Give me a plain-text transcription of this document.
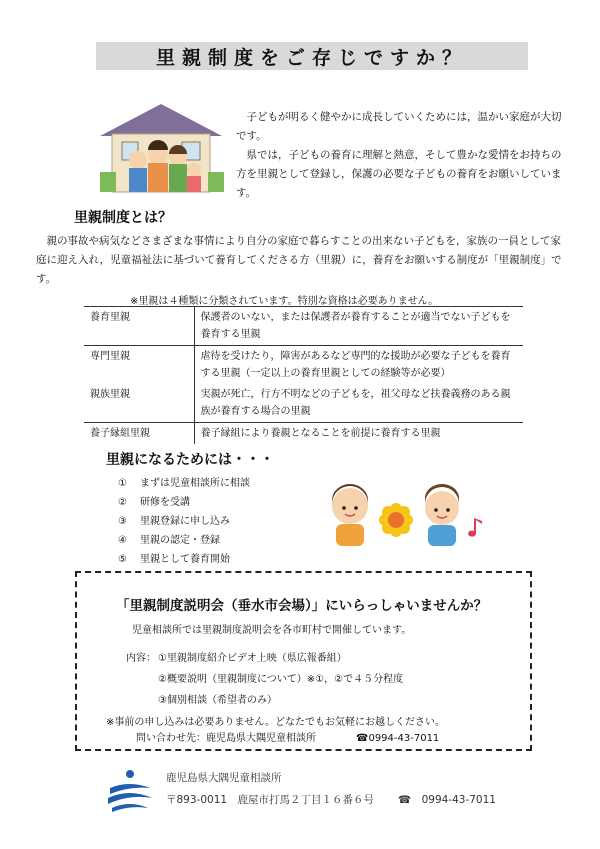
里親制度をご存じですか？

子どもが明るく健やかに成長していくためには，温かい家庭が大切です。

県では，子どもの養育に理解と熱意，そして豊かな愛情をお持ちの方を里親として登録し，保護の必要な子どもの養育をお願いしています。

里親制度とは？
親の事故や病気などさまざまな事情により自分の家庭で暮らすことの出来ない子どもを，家族の一員として家庭に迎え入れ，児童福祉法に基づいて養育してくださる方（里親）に，養育をお願いする制度が「里親制度」です。
※里親は４種類に分類されています。特別な資格は必要ありません。
養育里親	保護者のいない，または保護者が養育することが適当でない子どもを養育する里親
専門里親	虐待を受けたり，障害があるなど専門的な援助が必要な子どもを養育する里親（一定以上の養育里親としての経験等が必要）
親族里親	実親が死亡，行方不明などの子どもを，祖父母など扶養義務のある親族が養育する場合の里親
養子縁組里親	養子縁組により養親となることを前提に養育する里親
里親になるためには・・・
① まずは児童相談所に相談
② 研修を受講
③ 里親登録に申し込み
④ 里親の認定・登録
⑤ 里親として養育開始
「里親制度説明会（垂水市会場）」にいらっしゃいませんか？
児童相談所では里親制度説明会を各市町村で開催しています。
内容： ①里親制度紹介ビデオ上映（県広報番組）
②概要説明（里親制度について）※①，②で４５分程度
③個別相談（希望者のみ）
※事前の申し込みは必要ありません。どなたでもお気軽にお越しください。
問い合わせ先：鹿児島県大隅児童相談所	☎0994-43-7011
鹿児島県大隅児童相談所
〒893-0011　鹿屋市打馬２丁目１６番６号 ☎　0994-43-7011
